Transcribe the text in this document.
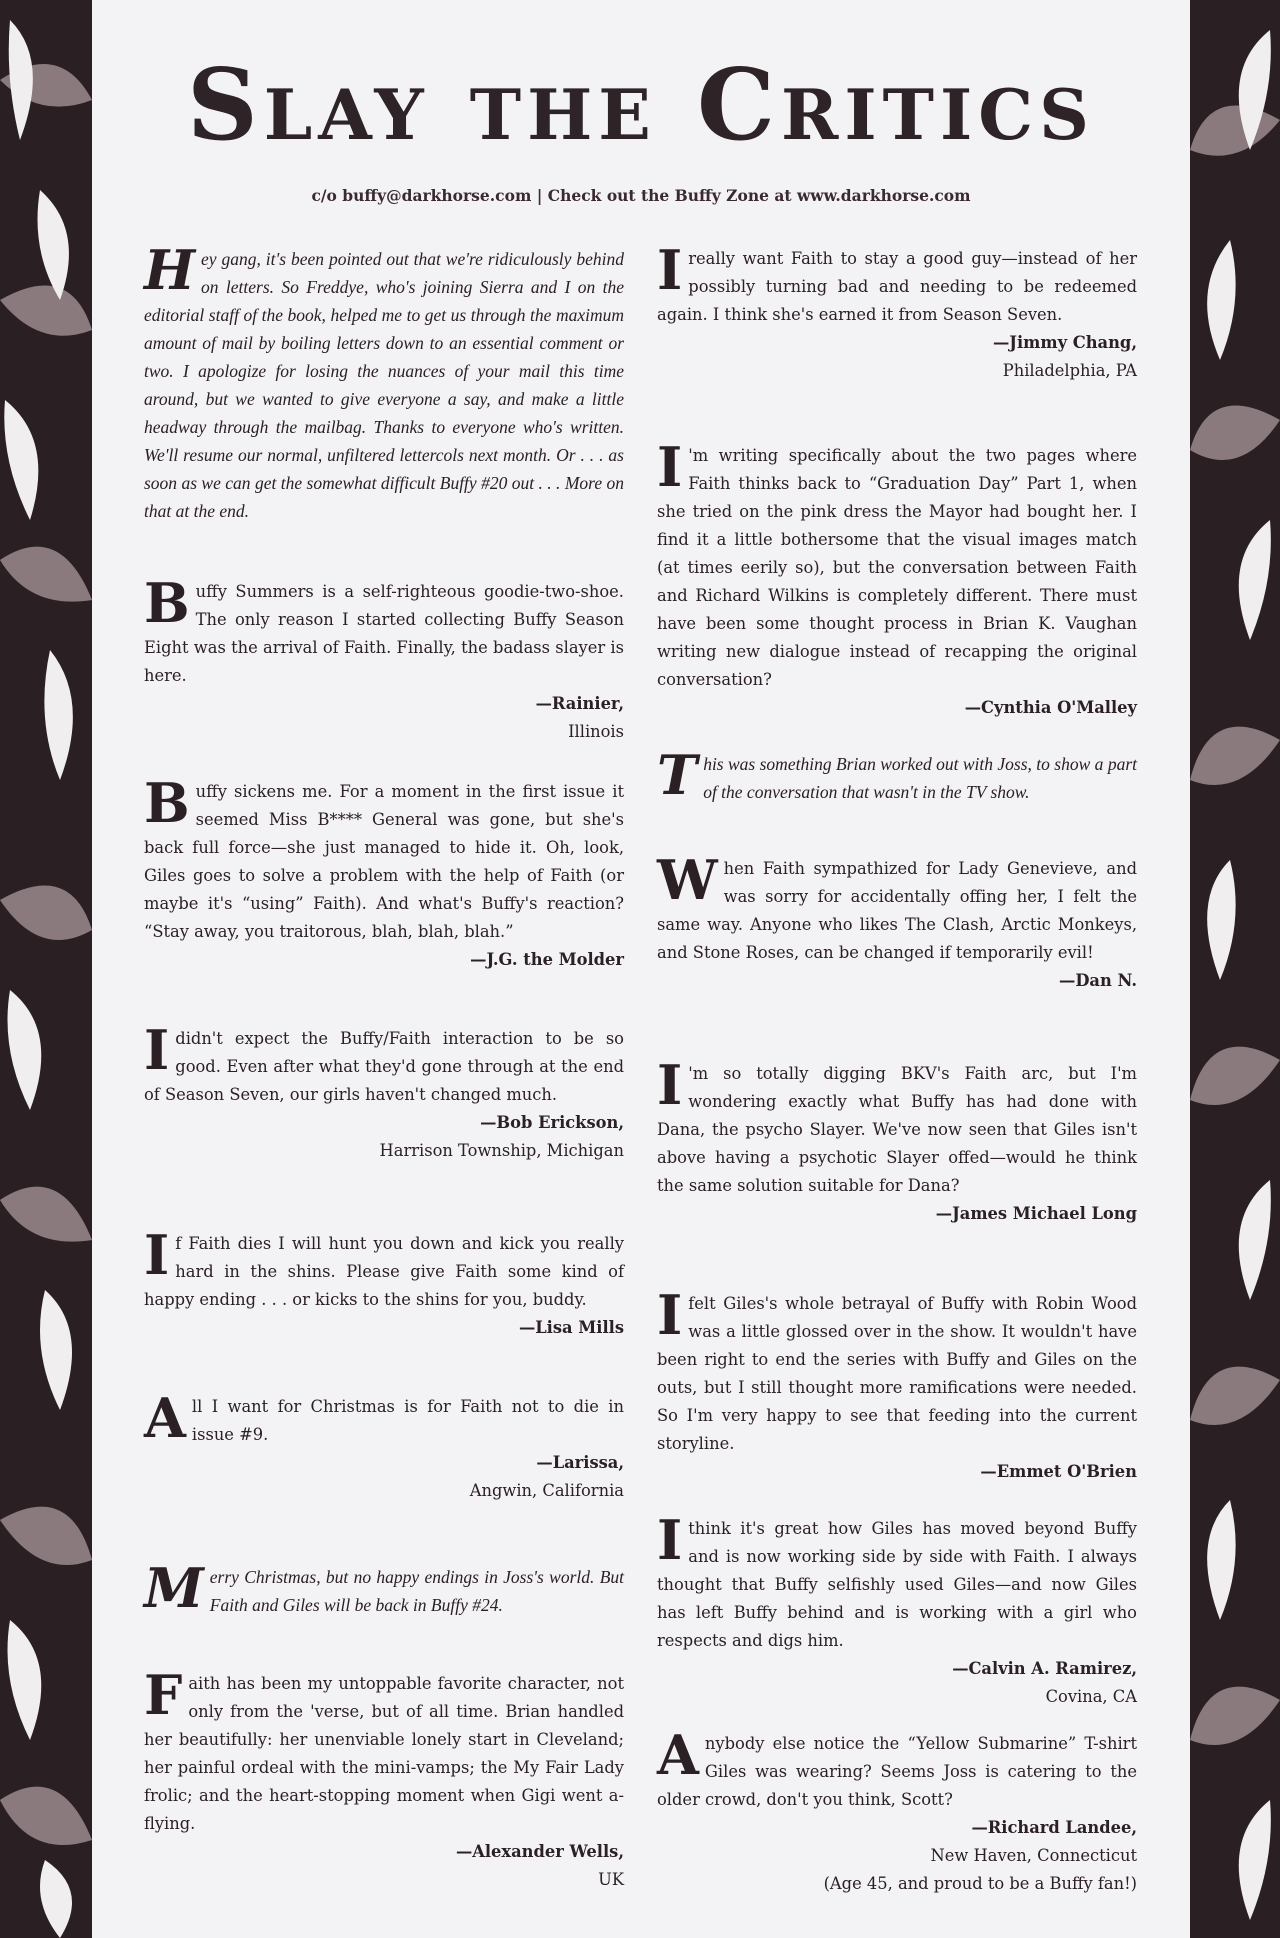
Slay the Critics
c/o buffy@darkhorse.com | Check out the Buffy Zone at www.darkhorse.com

Hey gang, it's been pointed out that we're ridiculously behind on letters. So Freddye, who's joining Sierra and I on the editorial staff of the book, helped me to get us through the maximum amount of mail by boiling letters down to an essential comment or two. I apologize for losing the nuances of your mail this time around, but we wanted to give everyone a say, and make a little headway through the mailbag. Thanks to everyone who's written. We'll resume our normal, unfiltered lettercols next month. Or . . . as soon as we can get the somewhat difficult Buffy #20 out . . . More on that at the end.

Buffy Summers is a self-righteous goodie-two-shoe. The only reason I started collecting Buffy Season Eight was the arrival of Faith. Finally, the badass slayer is here.

—Rainier,

Illinois

Buffy sickens me. For a moment in the first issue it seemed Miss B**** General was gone, but she's back full force—she just managed to hide it. Oh, look, Giles goes to solve a problem with the help of Faith (or maybe it's “using” Faith). And what's Buffy's reaction? “Stay away, you traitorous, blah, blah, blah.”

—J.G. the Molder

Ididn't expect the Buffy/Faith interaction to be so good. Even after what they'd gone through at the end of Season Seven, our girls haven't changed much.

—Bob Erickson,

Harrison Township, Michigan

If Faith dies I will hunt you down and kick you really hard in the shins. Please give Faith some kind of happy ending . . . or kicks to the shins for you, buddy.

—Lisa Mills

All I want for Christmas is for Faith not to die in issue #9.

—Larissa,

Angwin, California

Merry Christmas, but no happy endings in Joss's world. But Faith and Giles will be back in Buffy #24.

Faith has been my untoppable favorite character, not only from the 'verse, but of all time. Brian handled her beautifully: her unenviable lonely start in Cleveland; her painful ordeal with the mini-vamps; the My Fair Lady frolic; and the heart-stopping moment when Gigi went a-flying.

—Alexander Wells,

UK

Ireally want Faith to stay a good guy—instead of her possibly turning bad and needing to be redeemed again. I think she's earned it from Season Seven.

—Jimmy Chang,

Philadelphia, PA

I 'm writing specifically about the two pages where Faith thinks back to “Graduation Day” Part 1, when she tried on the pink dress the Mayor had bought her. I find it a little bothersome that the visual images match (at times eerily so), but the conversation between Faith and Richard Wilkins is completely different. There must have been some thought process in Brian K. Vaughan writing new dialogue instead of recapping the original conversation?

—Cynthia O'Malley

This was something Brian worked out with Joss, to show a part of the conversation that wasn't in the TV show.

When Faith sympathized for Lady Genevieve, and was sorry for accidentally offing her, I felt the same way. Anyone who likes The Clash, Arctic Monkeys, and Stone Roses, can be changed if temporarily evil!

—Dan N.

I 'm so totally digging BKV's Faith arc, but I'm wondering exactly what Buffy has had done with Dana, the psycho Slayer. We've now seen that Giles isn't above having a psychotic Slayer offed—would he think the same solution suitable for Dana?

—James Michael Long

Ifelt Giles's whole betrayal of Buffy with Robin Wood was a little glossed over in the show. It wouldn't have been right to end the series with Buffy and Giles on the outs, but I still thought more ramifications were needed. So I'm very happy to see that feeding into the current storyline.

—Emmet O'Brien

Ithink it's great how Giles has moved beyond Buffy and is now working side by side with Faith. I always thought that Buffy selfishly used Giles—and now Giles has left Buffy behind and is working with a girl who respects and digs him.

—Calvin A. Ramirez,

Covina, CA

Anybody else notice the “Yellow Submarine” T-shirt Giles was wearing? Seems Joss is catering to the older crowd, don't you think, Scott?

—Richard Landee,

New Haven, Connecticut

(Age 45, and proud to be a Buffy fan!)
